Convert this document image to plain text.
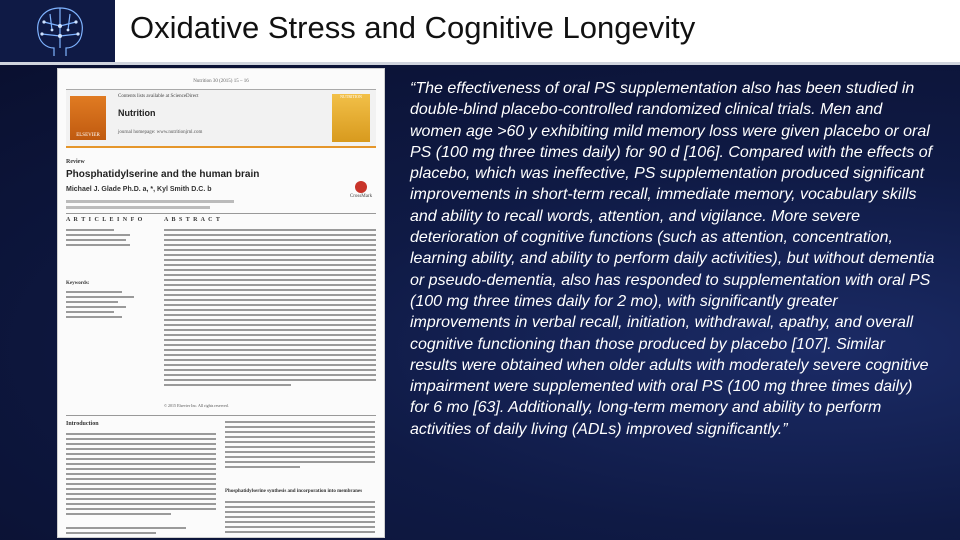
Oxidative Stress and Cognitive Longevity
Nutrition 30 (2015) 15 – 16
ELSEVIER
Contents lists available at ScienceDirect
Nutrition
journal homepage: www.nutritionjrnl.com
NUTRITION
Review
Phosphatidylserine and the human brain
Michael J. Glade Ph.D. a, *, Kyl Smith D.C. b
CrossMark
A R T I C L E I N F O	A B S T R A C T
Keywords:
© 2015 Elsevier Inc. All rights reserved.
Introduction
Phosphatidylserine synthesis and incorporation into membranes
“The effectiveness of oral PS supplementation also has been studied in double-blind placebo-controlled randomized clinical trials. Men and women age >60 y exhibiting mild memory loss were given placebo or oral PS (100 mg three times daily) for 90 d [106]. Compared with the effects of placebo, which was ineffective, PS supplementation produced significant improvements in short-term recall, immediate memory, vocabulary skills and ability to recall words, attention, and vigilance. More severe deterioration of cognitive functions (such as attention, concentration, learning ability, and ability to perform daily activities), but without dementia or pseudo-dementia, also has responded to supplementation with oral PS (100 mg three times daily for 2 mo), with significantly greater improvements in verbal recall, initiation, withdrawal, apathy, and overall cognitive functioning than those produced by placebo [107]. Similar results were obtained when older adults with moderately severe cognitive impairment were supplemented with oral PS (100 mg three times daily) for 6 mo [63]. Additionally, long-term memory and ability to perform activities of daily living (ADLs) improved significantly.”
